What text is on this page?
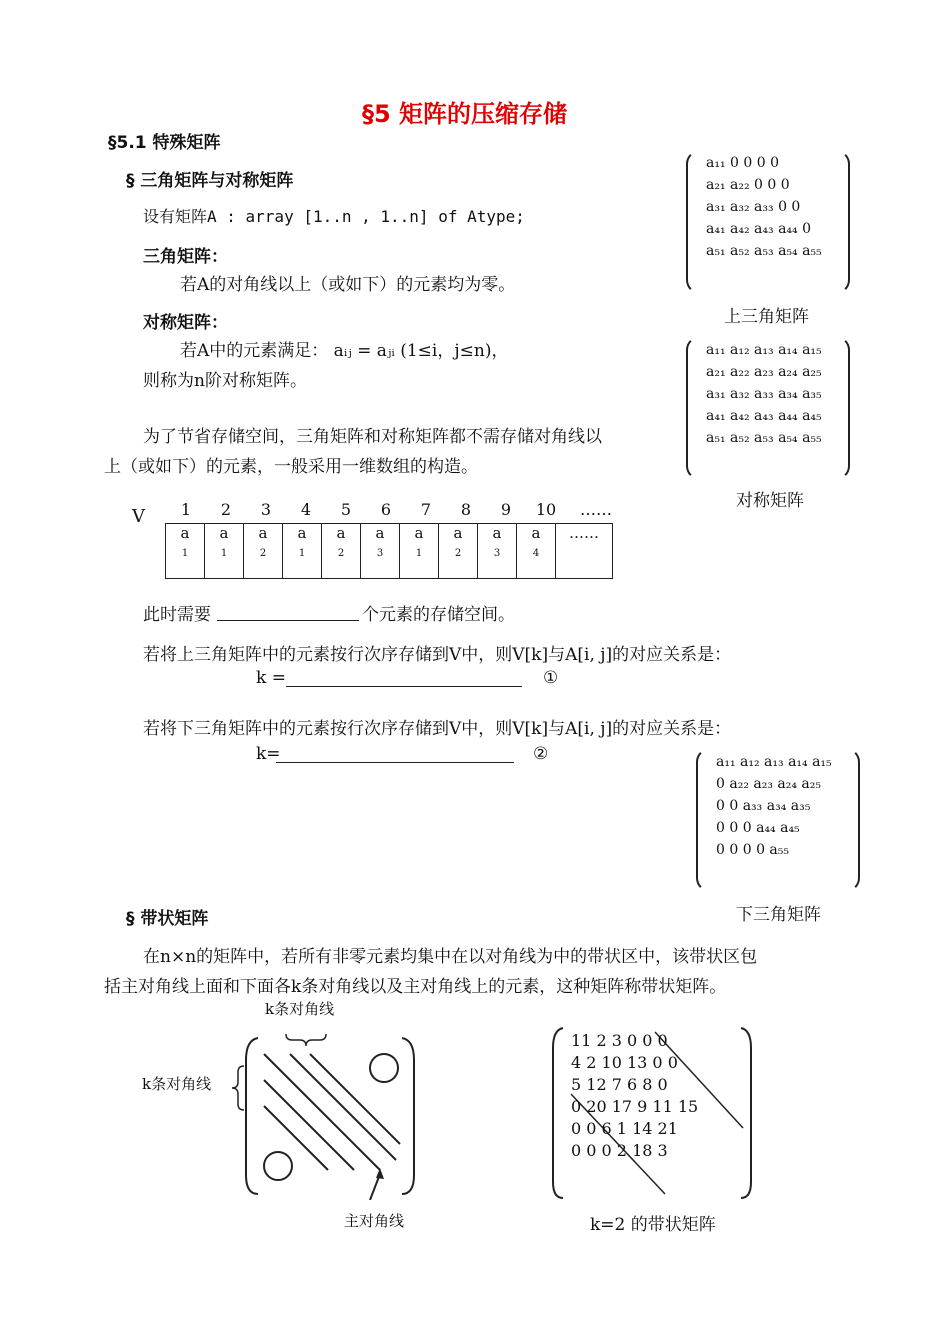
§5 矩阵的压缩存储
§5.1 特殊矩阵
§ 三角矩阵与对称矩阵
设有矩阵A : array [1..n , 1..n] of Atype;
三角矩阵：
若A的对角线以上（或如下）的元素均为零。
对称矩阵：
若A中的元素满足： aᵢⱼ = aⱼᵢ (1≤i，j≤n)，
则称为n阶对称矩阵。
为了节省存储空间，三角矩阵和对称矩阵都不需存储对角线以
上（或如下）的元素，一般采用一维数组的构造。
a₁₁ 0 0 0 0
a₂₁ a₂₂ 0 0 0
a₃₁ a₃₂ a₃₃ 0 0
a₄₁ a₄₂ a₄₃ a₄₄ 0
a₅₁ a₅₂ a₅₃ a₅₄ a₅₅
上三角矩阵
a₁₁ a₁₂ a₁₃ a₁₄ a₁₅
a₂₁ a₂₂ a₂₃ a₂₄ a₂₅
a₃₁ a₃₂ a₃₃ a₃₄ a₃₅
a₄₁ a₄₂ a₄₃ a₄₄ a₄₅
a₅₁ a₅₂ a₅₃ a₅₄ a₅₅
对称矩阵
V	1	2	3	4	5	6	7	8	9	10	……
a
1
	a
1
	a
2
	a
1
	a
2
	a
3
	a
1
	a
2
	a
3
	a
4
	……
此时需要	个元素的存储空间。
若将上三角矩阵中的元素按行次序存储到V中，则V[k]与A[i, j]的对应关系是：
k =	①
若将下三角矩阵中的元素按行次序存储到V中，则V[k]与A[i, j]的对应关系是：
k=	②	a₁₁ a₁₂ a₁₃ a₁₄ a₁₅
0 a₂₂ a₂₃ a₂₄ a₂₅
0 0 a₃₃ a₃₄ a₃₅
0 0 0 a₄₄ a₄₅
0 0 0 0 a₅₅
下三角矩阵
§ 带状矩阵
在n×n的矩阵中，若所有非零元素均集中在以对角线为中的带状区中，该带状区包
括主对角线上面和下面各k条对角线以及主对角线上的元素，这种矩阵称带状矩阵。
k条对角线
k条对角线
主对角线
11 2 3 0 0 0
4 2 10 13 0 0
5 12 7 6 8 0
0 20 17 9 11 15
0 0 6 1 14 21
0 0 0 2 18 3
k=2 的带状矩阵
